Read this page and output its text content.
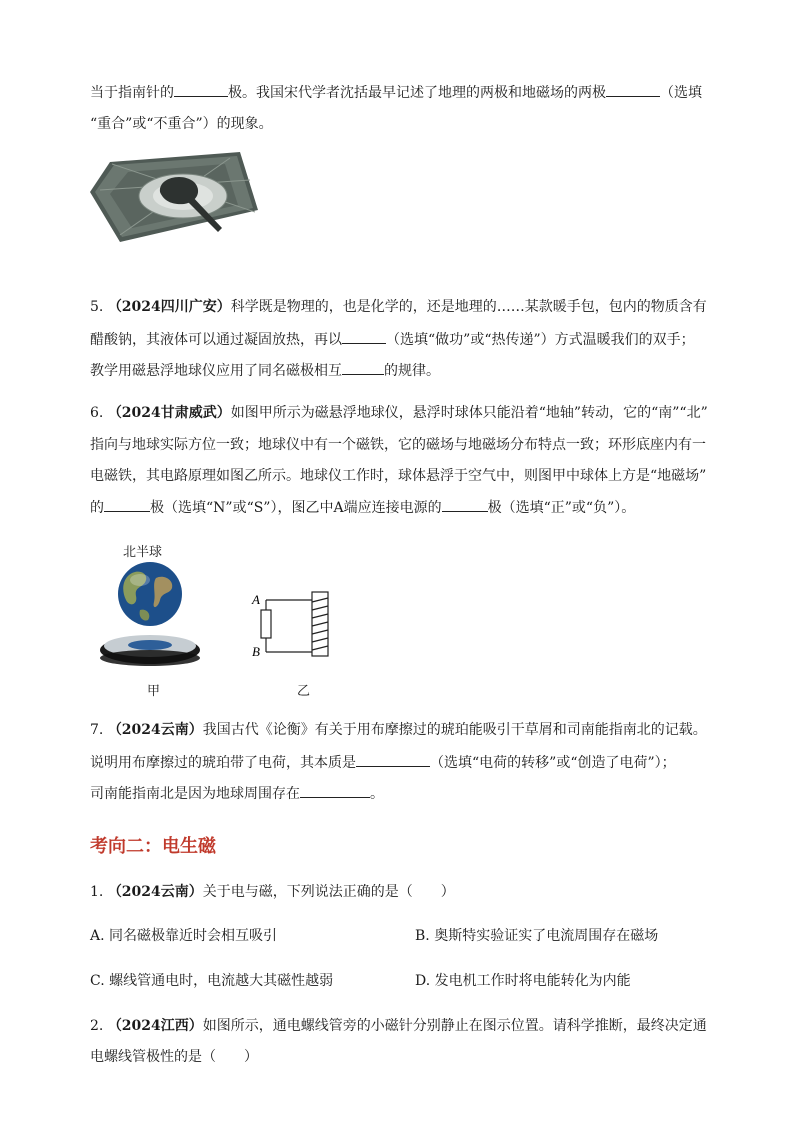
当于指南针的	极。我国宋代学者沈括最早记述了地理的两极和地磁场的两极	（选填
“重合”或“不重合”）的现象。
5. （2024四川广安）科学既是物理的，也是化学的，还是地理的……某款暖手包，包内的物质含有
醋酸钠，其液体可以通过凝固放热，再以	（选填“做功”或“热传递”）方式温暖我们的双手；
教学用磁悬浮地球仪应用了同名磁极相互	的规律。
6. （2024甘肃威武）如图甲所示为磁悬浮地球仪，悬浮时球体只能沿着“地轴”转动，它的“南”“北”
指向与地球实际方位一致；地球仪中有一个磁铁，它的磁场与地磁场分布特点一致；环形底座内有一
电磁铁，其电路原理如图乙所示。地球仪工作时，球体悬浮于空气中，则图甲中球体上方是“地磁场”
的	极（选填“N”或“S”），图乙中A端应连接电源的	极（选填“正”或“负”）。
北半球
甲
A
B
乙
7. （2024云南）我国古代《论衡》有关于用布摩擦过的琥珀能吸引干草屑和司南能指南北的记载。
说明用布摩擦过的琥珀带了电荷，其本质是	（选填“电荷的转移”或“创造了电荷”）；
司南能指南北是因为地球周围存在	。
考向二：电生磁
1. （2024云南）关于电与磁，下列说法正确的是（　　）
A. 同名磁极靠近时会相互吸引	B. 奥斯特实验证实了电流周围存在磁场
C. 螺线管通电时，电流越大其磁性越弱	D. 发电机工作时将电能转化为内能
2. （2024江西）如图所示，通电螺线管旁的小磁针分别静止在图示位置。请科学推断，最终决定通
电螺线管极性的是（　　）
